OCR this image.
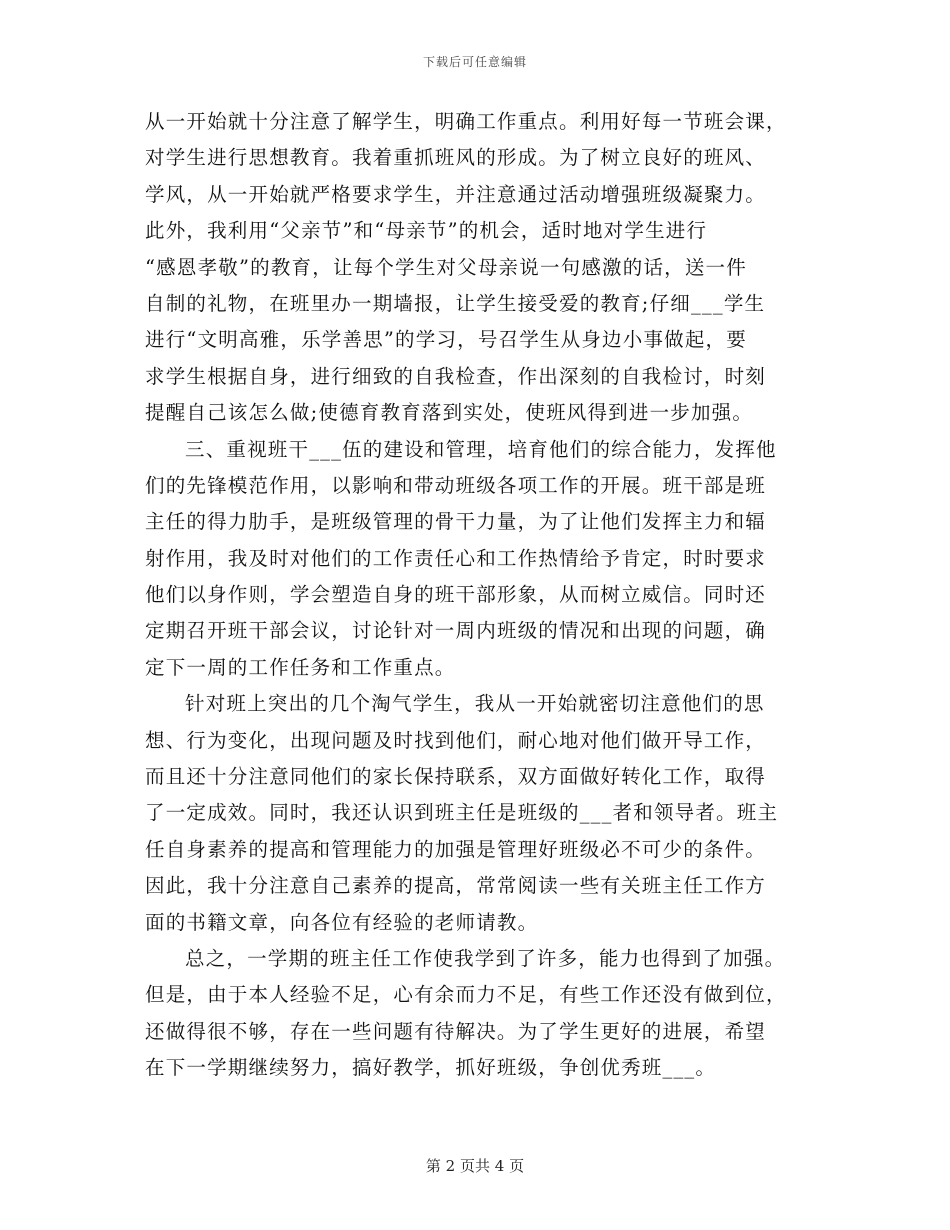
下载后可任意编辑
从一开始就十分注意了解学生，明确工作重点。利用好每一节班会课，
对学生进行思想教育。我着重抓班风的形成。为了树立良好的班风、
学风，从一开始就严格要求学生，并注意通过活动增强班级凝聚力。
此外，我利用“父亲节”和“母亲节”的机会，适时地对学生进行
“感恩孝敬”的教育，让每个学生对父母亲说一句感激的话，送一件
自制的礼物，在班里办一期墙报，让学生接受爱的教育;仔细___学生
进行“文明高雅，乐学善思”的学习，号召学生从身边小事做起，要
求学生根据自身，进行细致的自我检查，作出深刻的自我检讨，时刻
提醒自己该怎么做;使德育教育落到实处，使班风得到进一步加强。
三、重视班干___伍的建设和管理，培育他们的综合能力，发挥他
们的先锋模范作用，以影响和带动班级各项工作的开展。班干部是班
主任的得力肋手，是班级管理的骨干力量，为了让他们发挥主力和辐
射作用，我及时对他们的工作责任心和工作热情给予肯定，时时要求
他们以身作则，学会塑造自身的班干部形象，从而树立威信。同时还
定期召开班干部会议，讨论针对一周内班级的情况和出现的问题，确
定下一周的工作任务和工作重点。
针对班上突出的几个淘气学生，我从一开始就密切注意他们的思
想、行为变化，出现问题及时找到他们，耐心地对他们做开导工作，
而且还十分注意同他们的家长保持联系，双方面做好转化工作，取得
了一定成效。同时，我还认识到班主任是班级的___者和领导者。班主
任自身素养的提高和管理能力的加强是管理好班级必不可少的条件。
因此，我十分注意自己素养的提高，常常阅读一些有关班主任工作方
面的书籍文章，向各位有经验的老师请教。
总之，一学期的班主任工作使我学到了许多，能力也得到了加强。
但是，由于本人经验不足，心有余而力不足，有些工作还没有做到位，
还做得很不够，存在一些问题有待解决。为了学生更好的进展，希望
在下一学期继续努力，搞好教学，抓好班级，争创优秀班___。
第 2 页共 4 页
